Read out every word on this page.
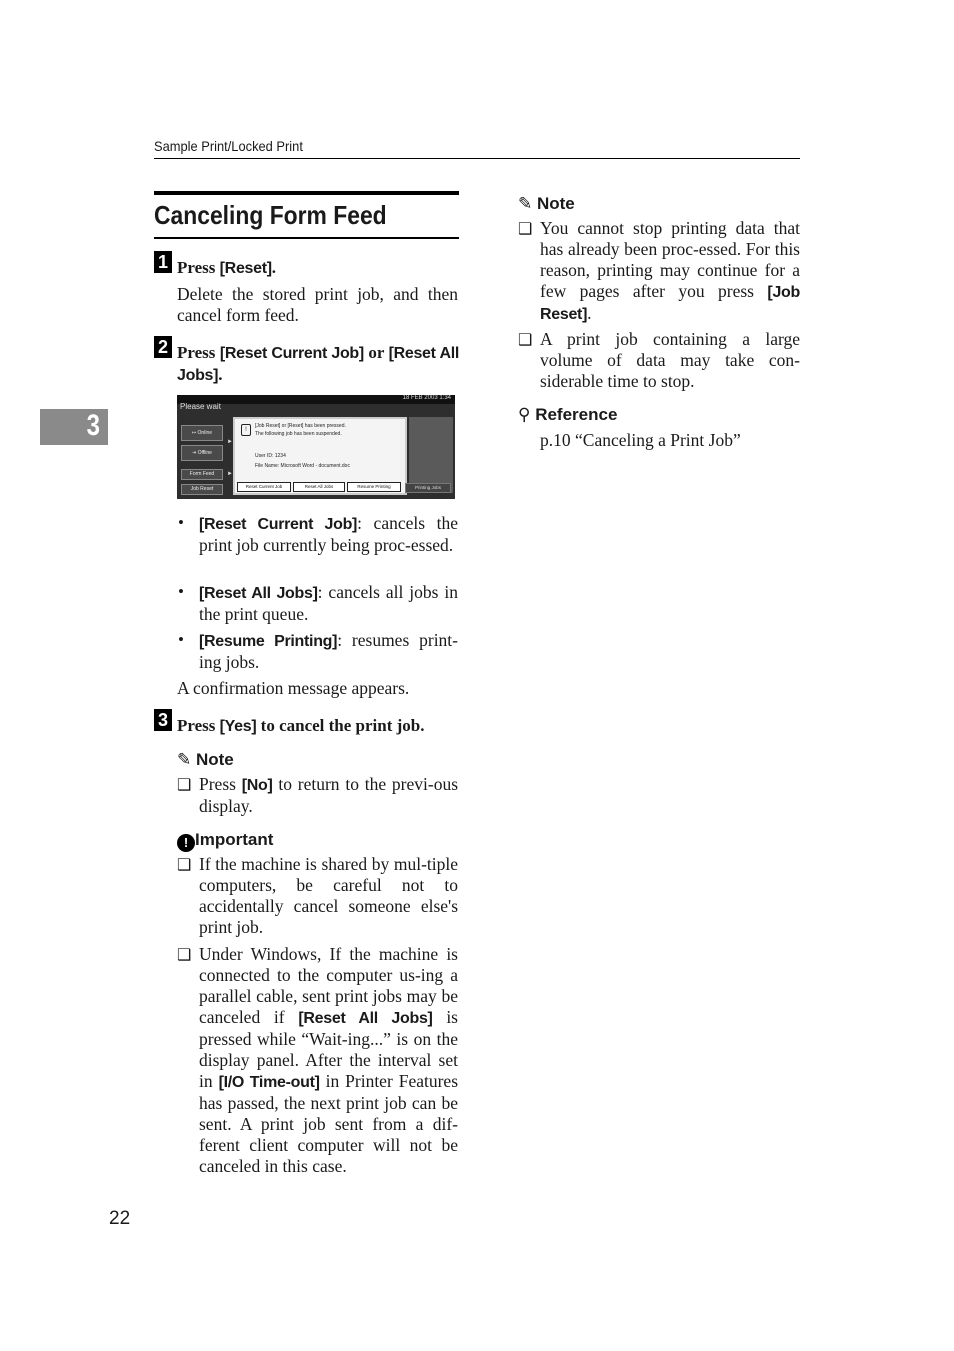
Sample Print/Locked Print
3
Canceling Form Feed
1 Press [Reset].
Delete the stored print job, and then cancel form feed.
2 Press [Reset Current Job] or [Reset All Jobs].
18 FEB 2003 1:34
Please wait
↦ Online
⇥ Offline
Form Feed
Job Reset
►
►
!
[Job Reset] or [Reset] has been pressed.
The following job has been suspended.
User ID: 1234
File Name: Microsoft Word - document.doc
Reset Current Job	Reset All Jobs	Resume Printing	Printing Jobs
• [Reset Current Job]: cancels the print job currently being proc-essed.
• [Reset All Jobs]: cancels all jobs in the print queue.
• [Resume Printing]: resumes print-ing jobs.
A confirmation message appears.
3 Press [Yes] to cancel the print job.
✎ Note
❑ Press [No] to return to the previ-ous display.
! Important
❑ If the machine is shared by mul-tiple computers, be careful not to accidentally cancel someone else's print job.
❑ Under Windows, If the machine is connected to the computer us-ing a parallel cable, sent print jobs may be canceled if [Reset All Jobs] is pressed while “Wait-ing...” is on the display panel. After the interval set in [I/O Time-out] in Printer Features has passed, the next print job can be sent. A print job sent from a dif-ferent client computer will not be canceled in this case.
✎ Note
❑ You cannot stop printing data that has already been proc-essed. For this reason, printing may continue for a few pages after you press [Job Reset].
❑ A print job containing a large volume of data may take con-siderable time to stop.
⚲ Reference
p.10 “Canceling a Print Job”
22
